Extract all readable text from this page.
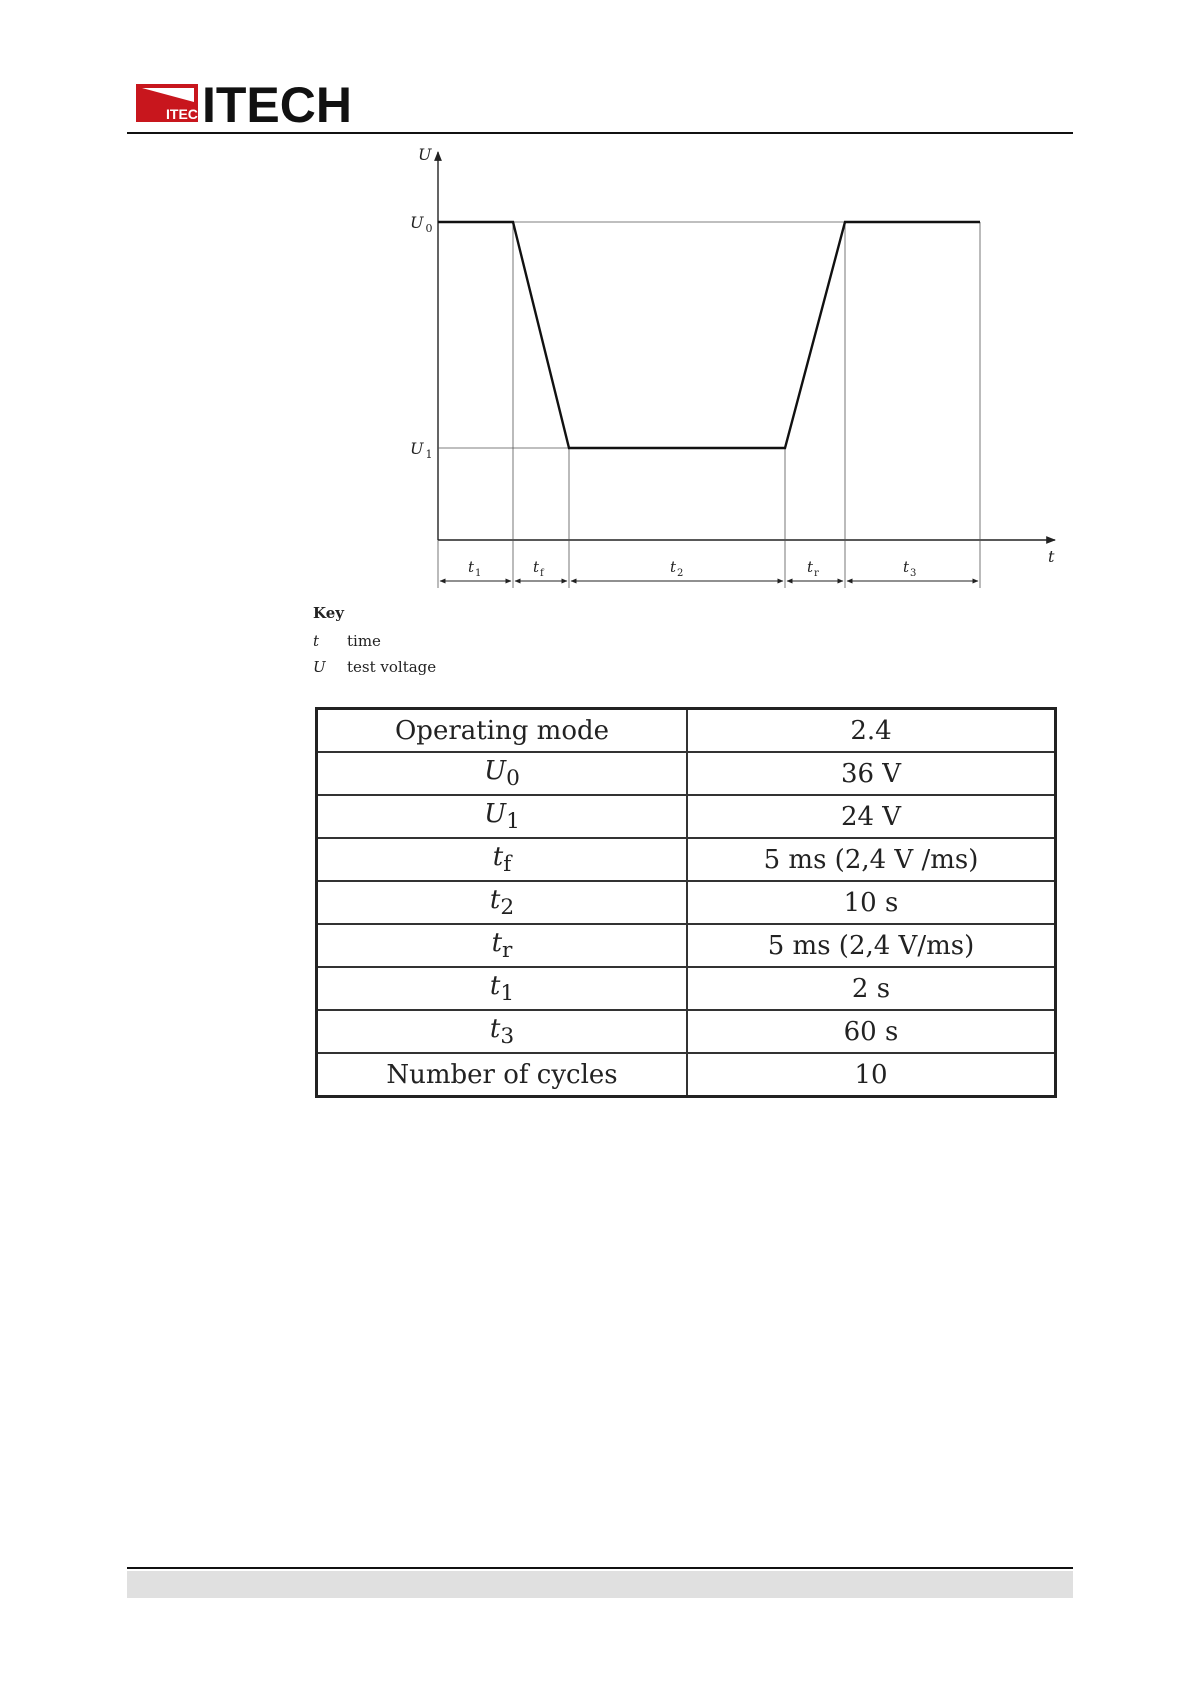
ITECH
ITECH
U
t
U $_0$
U $_1$
$t_1$	$t_f$	$t_2$	$t_r$	$t_3$
Key
t	time
U	test voltage
Operating mode	2.4
$U_0$	36 V
$U_1$	24 V
$t_f$	5 ms (2,4 V /ms)
$t_2$	10 s
$t_r$	5 ms (2,4 V/ms)
$t_1$	2 s
$t_3$	60 s
Number of cycles	10
